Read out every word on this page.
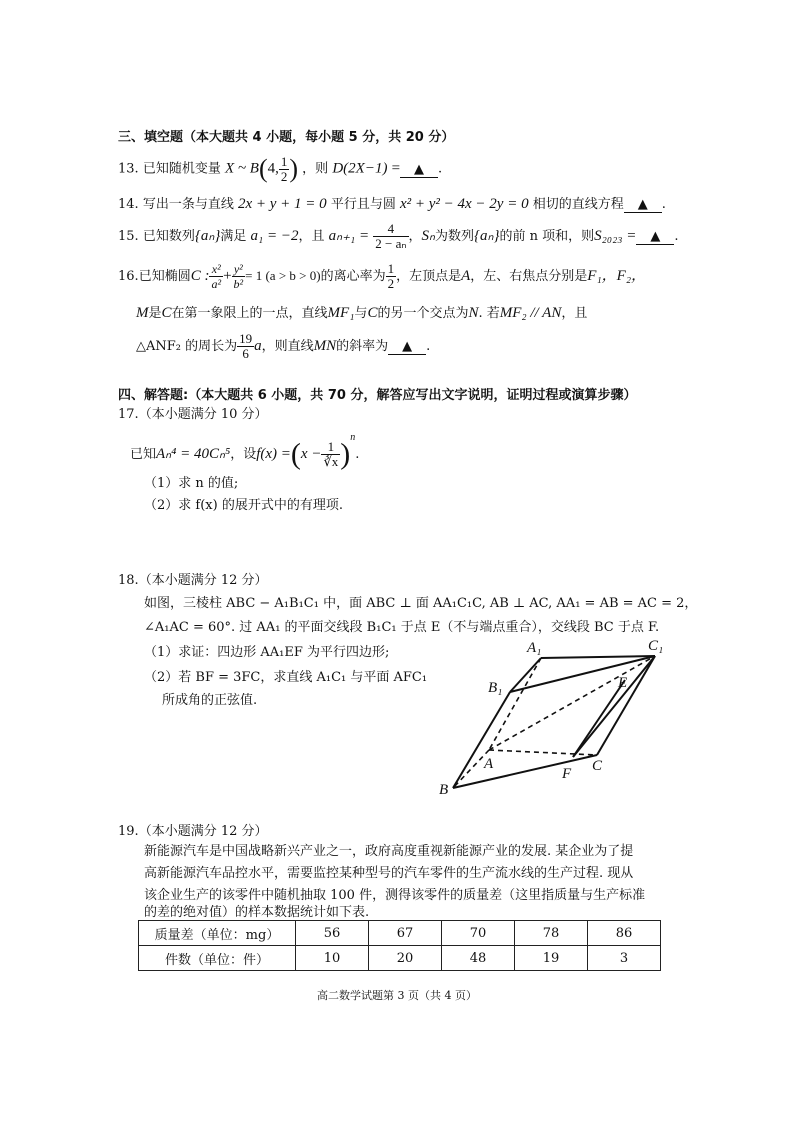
三、填空题（本大题共 4 小题，每小题 5 分，共 20 分）
13. 已知随机变量 X ~ B(4, $\frac{1}{2}$ ) ，则 D(2X−1) = ▲ .
14. 写出一条与直线 2x + y + 1 = 0 平行且与圆 x² + y² − 4x − 2y = 0 相切的直线方程 ▲ .
15. 已知数列{aₙ}满足 a₁ = −2，且 $a_{n+1} = \frac{4}{\text{2 − aₙ}}$ ，Sₙ为数列{aₙ}的前 n 项和，则S₂₀₂₃ = ▲ .
16.已知椭圆C : $\frac{\text{x²}}{\text{a²}} + \frac{\text{y²}}{\text{b²}} = 1$ (a > b > 0)的离心率为 $\frac{1}{2}$ ，左顶点是A，左、右焦点分别是F₁，F₂，
M是C在第一象限上的一点，直线MF₁与C的另一个交点为N. 若MF₂ // AN，且
△ANF₂ 的周长为 $\frac{19}{6}$ a，则直线MN的斜率为 ▲ .
四、解答题:（本大题共 6 小题，共 70 分，解答应写出文字说明，证明过程或演算步骤）
17.（本小题满分 10 分）
已知Aₙ⁴ = 40Cₙ⁵，设$f(x) =(x - \frac{1}{∛x} )^n$.
（1）求 n 的值;
（2）求 f(x) 的展开式中的有理项.
18.（本小题满分 12 分）
如图，三棱柱 ABC − A₁B₁C₁ 中，面 ABC ⊥ 面 AA₁C₁C, AB ⊥ AC, AA₁ = AB = AC = 2，
∠A₁AC = 60°. 过 AA₁ 的平面交线段 B₁C₁ 于点 E（不与端点重合），交线段 BC 于点 F.
（1）求证：四边形 AA₁EF 为平行四边形;
（2）若 BF = 3FC，求直线 A₁C₁ 与平面 AFC₁
所成角的正弦值.
A₁	C₁
B₁	E
A
F C
B
19.（本小题满分 12 分）
新能源汽车是中国战略新兴产业之一，政府高度重视新能源产业的发展. 某企业为了提
高新能源汽车品控水平，需要监控某种型号的汽车零件的生产流水线的生产过程. 现从
该企业生产的该零件中随机抽取 100 件，测得该零件的质量差（这里指质量与生产标准
的差的绝对值）的样本数据统计如下表.
质量差（单位：mg）	56	67	70	78	86
件数（单位：件）	10	20	48	19	3
高二数学试题第 3 页（共 4 页）
